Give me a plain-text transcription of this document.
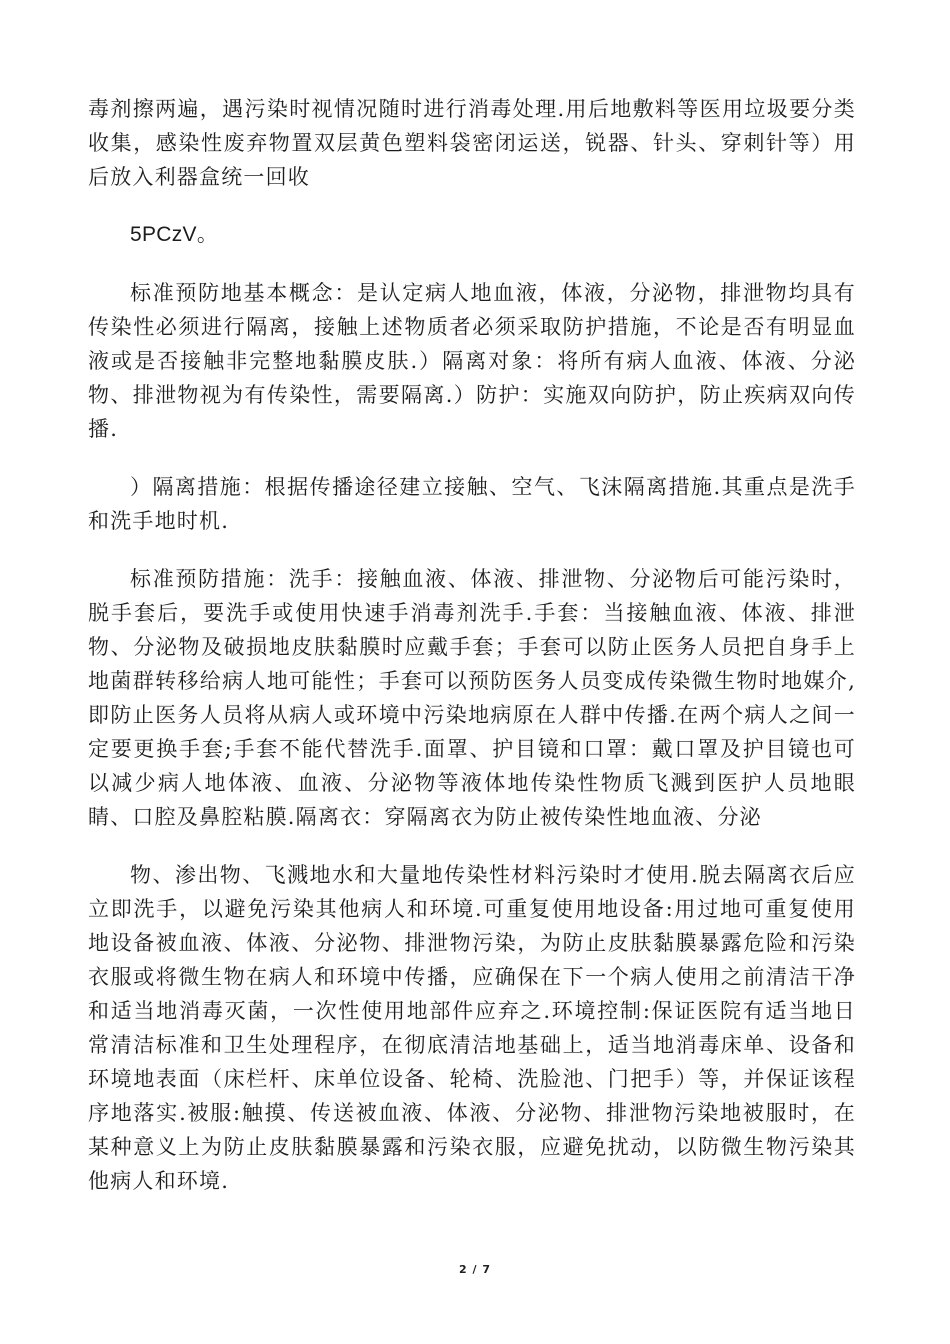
毒剂擦两遍，遇污染时视情况随时进行消毒处理.用后地敷料等医用垃圾要分类收集，感染性废弃物置双层黄色塑料袋密闭运送，锐器、针头、穿刺针等）用后放入利器盒统一回收

5PCzV。

标准预防地基本概念：是认定病人地血液，体液，分泌物，排泄物均具有传染性必须进行隔离，接触上述物质者必须采取防护措施，不论是否有明显血液或是否接触非完整地黏膜皮肤.）隔离对象：将所有病人血液、体液、分泌物、排泄物视为有传染性，需要隔离.）防护：实施双向防护，防止疾病双向传播.

）隔离措施：根据传播途径建立接触、空气、飞沫隔离措施.其重点是洗手和洗手地时机.

标准预防措施：洗手：接触血液、体液、排泄物、分泌物后可能污染时，脱手套后，要洗手或使用快速手消毒剂洗手.手套：当接触血液、体液、排泄物、分泌物及破损地皮肤黏膜时应戴手套；手套可以防止医务人员把自身手上地菌群转移给病人地可能性；手套可以预防医务人员变成传染微生物时地媒介,即防止医务人员将从病人或环境中污染地病原在人群中传播.在两个病人之间一定要更换手套;手套不能代替洗手.面罩、护目镜和口罩：戴口罩及护目镜也可以减少病人地体液、血液、分泌物等液体地传染性物质飞溅到医护人员地眼睛、口腔及鼻腔粘膜.隔离衣：穿隔离衣为防止被传染性地血液、分泌

物、渗出物、飞溅地水和大量地传染性材料污染时才使用.脱去隔离衣后应立即洗手，以避免污染其他病人和环境.可重复使用地设备:用过地可重复使用地设备被血液、体液、分泌物、排泄物污染，为防止皮肤黏膜暴露危险和污染衣服或将微生物在病人和环境中传播，应确保在下一个病人使用之前清洁干净和适当地消毒灭菌，一次性使用地部件应弃之.环境控制:保证医院有适当地日常清洁标准和卫生处理程序，在彻底清洁地基础上，适当地消毒床单、设备和环境地表面（床栏杆、床单位设备、轮椅、洗脸池、门把手）等，并保证该程序地落实.被服:触摸、传送被血液、体液、分泌物、排泄物污染地被服时，在某种意义上为防止皮肤黏膜暴露和污染衣服，应避免扰动，以防微生物污染其他病人和环境.

2 / 7
